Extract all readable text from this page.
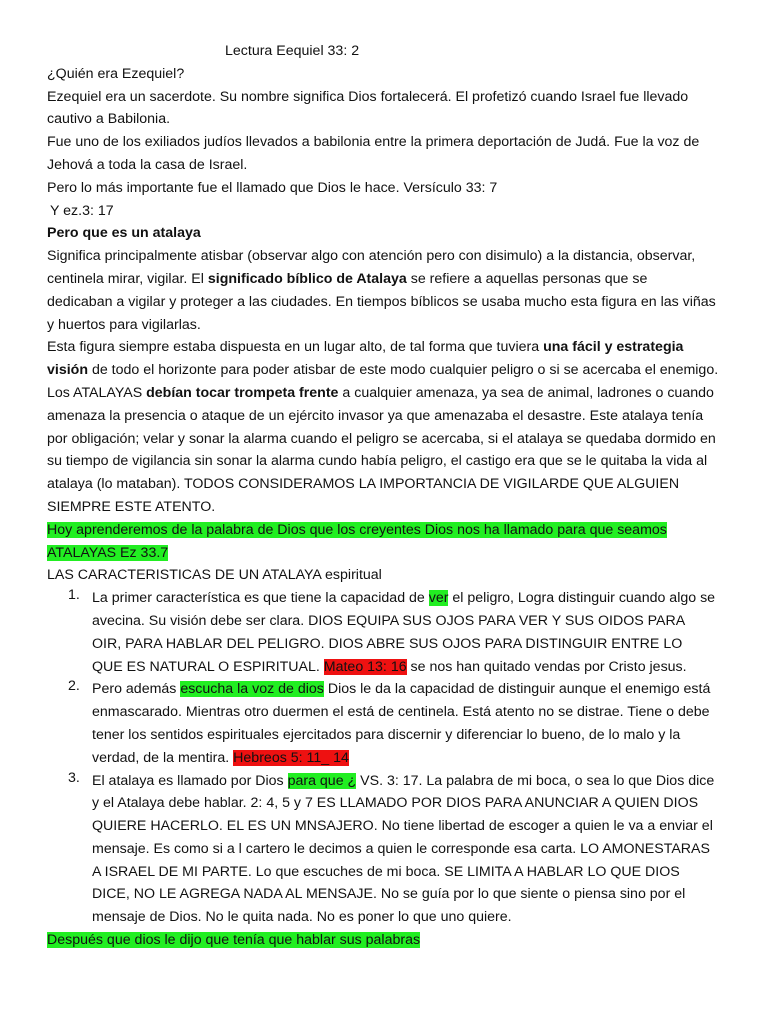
Lectura Eequiel 33: 2
¿Quién era Ezequiel?
Ezequiel era un sacerdote. Su nombre significa Dios fortalecerá. El profetizó cuando Israel fue llevado
cautivo a Babilonia.
Fue uno de los exiliados judíos llevados a babilonia entre la primera deportación de Judá. Fue la voz de
Jehová a toda la casa de Israel.
Pero lo más importante fue el llamado que Dios le hace. Versículo 33: 7
Y ez.3: 17
Pero que es un atalaya
Significa principalmente atisbar (observar algo con atención pero con disimulo) a la distancia, observar,
centinela mirar, vigilar. El significado bíblico de Atalaya se refiere a aquellas personas que se
dedicaban a vigilar y proteger a las ciudades. En tiempos bíblicos se usaba mucho esta figura en las viñas
y huertos para vigilarlas.
Esta figura siempre estaba dispuesta en un lugar alto, de tal forma que tuviera una fácil y estrategia
visión de todo el horizonte para poder atisbar de este modo cualquier peligro o si se acercaba el enemigo.
Los ATALAYAS debían tocar trompeta frente a cualquier amenaza, ya sea de animal, ladrones o cuando
amenaza la presencia o ataque de un ejército invasor ya que amenazaba el desastre. Este atalaya tenía
por obligación; velar y sonar la alarma cuando el peligro se acercaba, si el atalaya se quedaba dormido en
su tiempo de vigilancia sin sonar la alarma cundo había peligro, el castigo era que se le quitaba la vida al
atalaya (lo mataban). TODOS CONSIDERAMOS LA IMPORTANCIA DE VIGILARDE QUE ALGUIEN
SIEMPRE ESTE ATENTO.
Hoy aprenderemos de la palabra de Dios que los creyentes Dios nos ha llamado para que seamos
ATALAYAS Ez 33.7
LAS CARACTERISTICAS DE UN ATALAYA espiritual
1. La primer característica es que tiene la capacidad de ver el peligro, Logra distinguir cuando algo se
avecina. Su visión debe ser clara. DIOS EQUIPA SUS OJOS PARA VER Y SUS OIDOS PARA
OIR, PARA HABLAR DEL PELIGRO. DIOS ABRE SUS OJOS PARA DISTINGUIR ENTRE LO
QUE ES NATURAL O ESPIRITUAL. Mateo 13: 16 se nos han quitado vendas por Cristo jesus.
2. Pero además escucha la voz de dios Dios le da la capacidad de distinguir aunque el enemigo está
enmascarado. Mientras otro duermen el está de centinela. Está atento no se distrae. Tiene o debe
tener los sentidos espirituales ejercitados para discernir y diferenciar lo bueno, de lo malo y la
verdad, de la mentira. Hebreos 5: 11_ 14
3. El atalaya es llamado por Dios para que ¿ VS. 3: 17. La palabra de mi boca, o sea lo que Dios dice
y el Atalaya debe hablar. 2: 4, 5 y 7 ES LLAMADO POR DIOS PARA ANUNCIAR A QUIEN DIOS
QUIERE HACERLO. EL ES UN MNSAJERO. No tiene libertad de escoger a quien le va a enviar el
mensaje. Es como si a l cartero le decimos a quien le corresponde esa carta. LO AMONESTARAS
A ISRAEL DE MI PARTE. Lo que escuches de mi boca. SE LIMITA A HABLAR LO QUE DIOS
DICE, NO LE AGREGA NADA AL MENSAJE. No se guía por lo que siente o piensa sino por el
mensaje de Dios. No le quita nada. No es poner lo que uno quiere.
Después que dios le dijo que tenía que hablar sus palabras
